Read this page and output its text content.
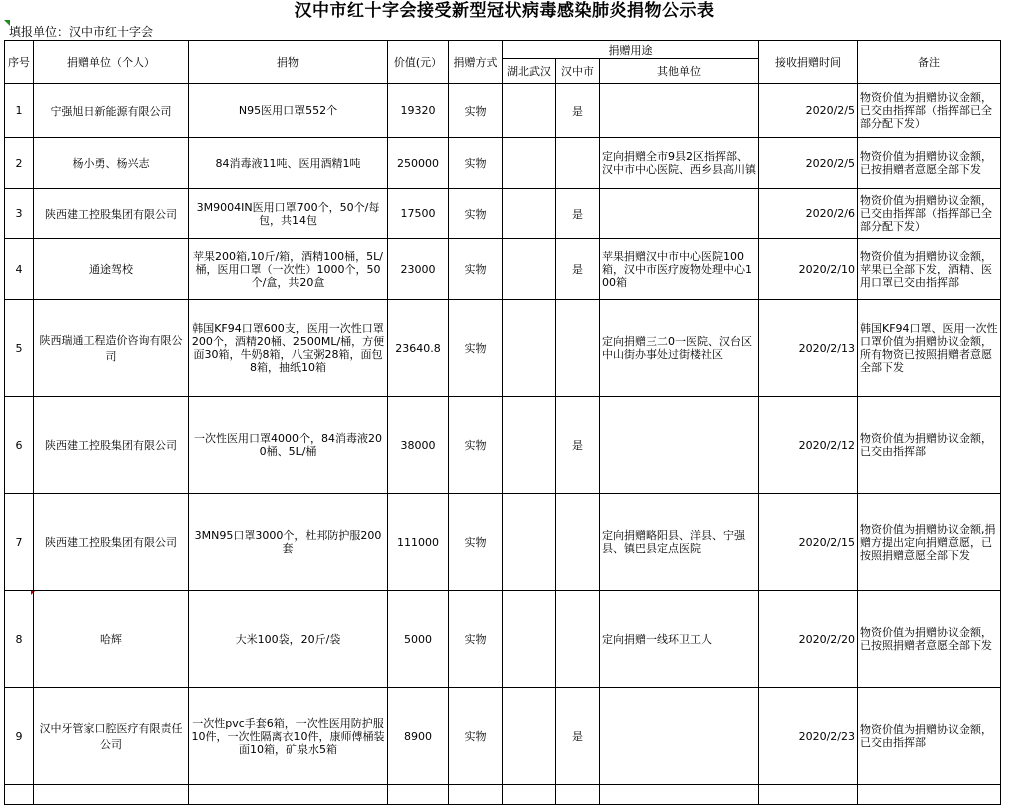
汉中市红十字会接受新型冠状病毒感染肺炎捐物公示表
填报单位：汉中市红十字会
序号	捐赠单位（个人）	捐物	价值(元）	捐赠方式	捐赠用途			接收捐赠时间	备注
					湖北武汉	汉中市	其他单位		
1	宁强旭日新能源有限公司	N95医用口罩552个	19320	实物		是		2020/2/5	物资价值为捐赠协议金额，已交由指挥部（指挥部已全部分配下发）
2	杨小勇、杨兴志	84消毒液11吨、医用酒精1吨	250000	实物			定向捐赠全市9县2区指挥部、汉中市中心医院、西乡县高川镇	2020/2/5	物资价值为捐赠协议金额，已按捐赠者意愿全部下发
3	陕西建工控股集团有限公司	3M9004IN医用口罩700个，50个/每包，共14包	17500	实物		是		2020/2/6	物资价值为捐赠协议金额，已交由指挥部（指挥部已全部分配下发）
4	通途驾校	苹果200箱,10斤/箱，酒精100桶，5L/桶，医用口罩（一次性）1000个，50个/盒，共20盒	23000	实物		是	苹果捐赠汉中市中心医院100箱，汉中市医疗废物处理中心100箱	2020/2/10	物资价值为捐赠协议金额，苹果已全部下发，酒精、医用口罩已交由指挥部
5	陕西瑞通工程造价咨询有限公司	韩国KF94口罩600支，医用一次性口罩200个，酒精20桶、2500ML/桶，方便面30箱，牛奶8箱，八宝粥28箱，面包8箱，抽纸10箱	23640.8	实物			定向捐赠三二0一医院、汉台区中山街办事处过街楼社区	2020/2/13	韩国KF94口罩、医用一次性口罩价值为捐赠协议金额，所有物资已按照捐赠者意愿全部下发
6	陕西建工控股集团有限公司	一次性医用口罩4000个，84消毒液200桶、5L/桶	38000	实物		是		2020/2/12	物资价值为捐赠协议金额，已交由指挥部
7	陕西建工控股集团有限公司	3MN95口罩3000个，杜邦防护服200套	111000	实物			定向捐赠略阳县、洋县、宁强县、镇巴县定点医院	2020/2/15	物资价值为捐赠协议金额,捐赠方提出定向捐赠意愿，已按照捐赠意愿全部下发
8	哈辉	大米100袋，20斤/袋	5000	实物			定向捐赠一线环卫工人	2020/2/20	物资价值为捐赠协议金额，已按照捐赠者意愿全部下发
9	汉中牙管家口腔医疗有限责任公司	一次性pvc手套6箱，一次性医用防护服10件，一次性隔离衣10件，康师傅桶装面10箱，矿泉水5箱	8900	实物		是		2020/2/23	物资价值为捐赠协议金额，已交由指挥部
